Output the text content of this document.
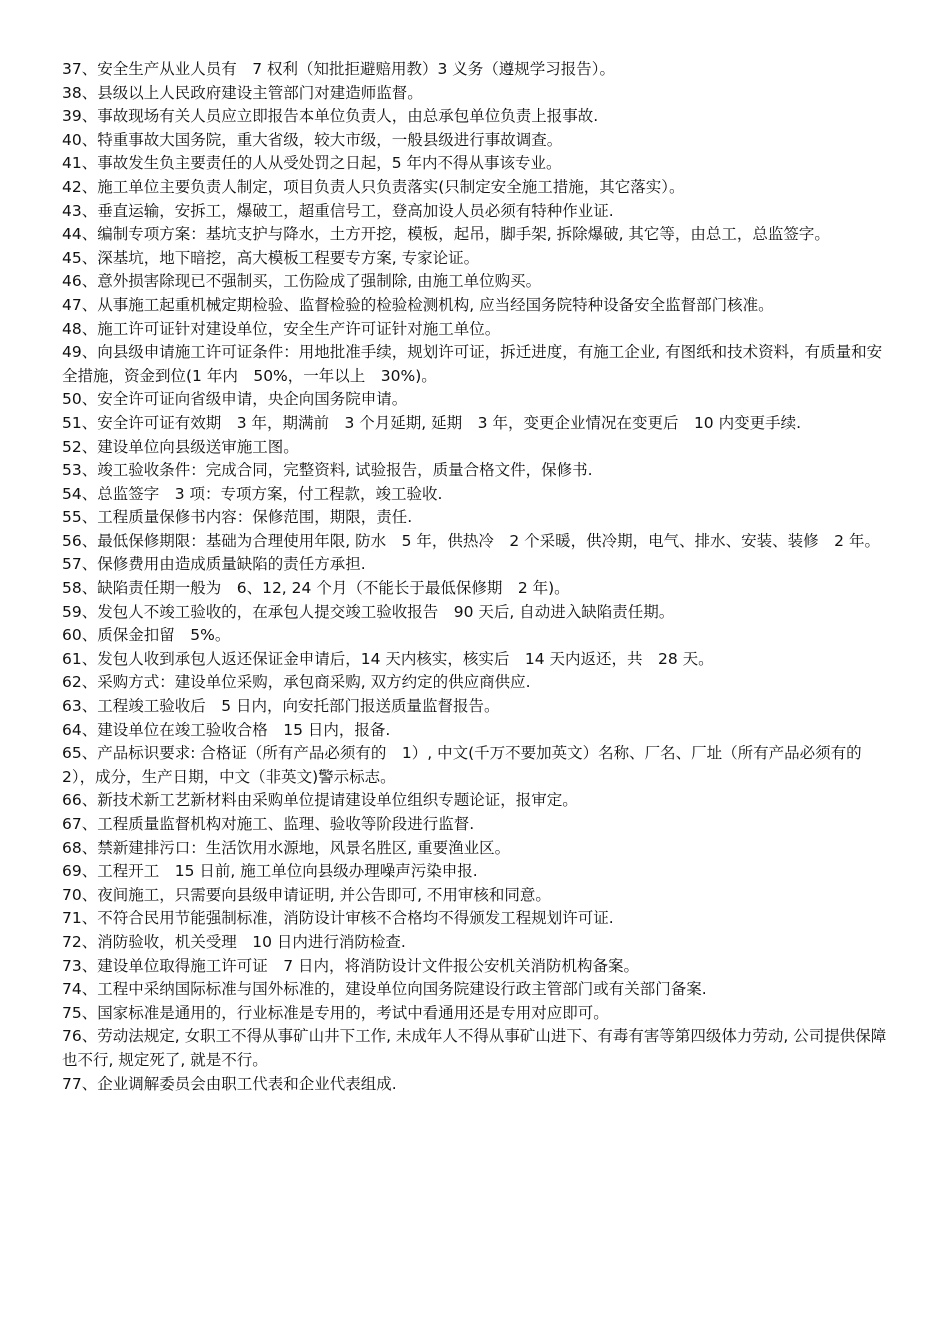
37、安全生产从业人员有　7 权利（知批拒避赔用教）3 义务（遵规学习报告）。

38、县级以上人民政府建设主管部门对建造师监督。

39、事故现场有关人员应立即报告本单位负责人，由总承包单位负责上报事故.

40、特重事故大国务院，重大省级，较大市级，一般县级进行事故调查。

41、事故发生负主要责任的人从受处罚之日起，5 年内不得从事该专业。

42、施工单位主要负责人制定，项目负责人只负责落实(只制定安全施工措施，其它落实）。

43、垂直运输，安拆工，爆破工，超重信号工，登高加设人员必须有特种作业证.

44、编制专项方案：基坑支护与降水，土方开挖，模板，起吊，脚手架, 拆除爆破, 其它等，由总工，总监签字。

45、深基坑，地下暗挖，高大模板工程要专方案, 专家论证。

46、意外损害除现已不强制买，工伤险成了强制除, 由施工单位购买。

47、从事施工起重机械定期检验、监督检验的检验检测机构, 应当经国务院特种设备安全监督部门核准。

48、施工许可证针对建设单位，安全生产许可证针对施工单位。

49、向县级申请施工许可证条件：用地批准手续，规划许可证，拆迁进度，有施工企业, 有图纸和技术资料，有质量和安全措施，资金到位(1 年内　50%，一年以上　30%)。

50、安全许可证向省级申请，央企向国务院申请。

51、安全许可证有效期　3 年，期满前　3 个月延期, 延期　3 年，变更企业情况在变更后　10 内变更手续.

52、建设单位向县级送审施工图。

53、竣工验收条件：完成合同，完整资料, 试验报告，质量合格文件，保修书.

54、总监签字　3 项：专项方案，付工程款，竣工验收.

55、工程质量保修书内容：保修范围，期限，责任.

56、最低保修期限：基础为合理使用年限, 防水　5 年，供热冷　2 个采暖，供冷期，电气、排水、安装、装修　2 年。

57、保修费用由造成质量缺陷的责任方承担.

58、缺陷责任期一般为　6、12, 24 个月（不能长于最低保修期　2 年)。

59、发包人不竣工验收的，在承包人提交竣工验收报告　90 天后, 自动进入缺陷责任期。

60、质保金扣留　5%。

61、发包人收到承包人返还保证金申请后，14 天内核实，核实后　14 天内返还，共　28 天。

62、采购方式：建设单位采购，承包商采购, 双方约定的供应商供应.

63、工程竣工验收后　5 日内，向安托部门报送质量监督报告。

64、建设单位在竣工验收合格　15 日内，报备.

65、产品标识要求: 合格证（所有产品必须有的　1）, 中文(千万不要加英文）名称、厂名、厂址（所有产品必须有的　2），成分，生产日期，中文（非英文)警示标志。

66、新技术新工艺新材料由采购单位提请建设单位组织专题论证，报审定。

67、工程质量监督机构对施工、监理、验收等阶段进行监督.

68、禁新建排污口：生活饮用水源地，风景名胜区, 重要渔业区。

69、工程开工　15 日前, 施工单位向县级办理噪声污染申报.

70、夜间施工，只需要向县级申请证明, 并公告即可, 不用审核和同意。

71、不符合民用节能强制标准，消防设计审核不合格均不得颁发工程规划许可证.

72、消防验收，机关受理　10 日内进行消防检查.

73、建设单位取得施工许可证　7 日内，将消防设计文件报公安机关消防机构备案。

74、工程中采纳国际标准与国外标准的，建设单位向国务院建设行政主管部门或有关部门备案.

75、国家标准是通用的，行业标准是专用的，考试中看通用还是专用对应即可。

76、劳动法规定, 女职工不得从事矿山井下工作, 未成年人不得从事矿山进下、有毒有害等第四级体力劳动, 公司提供保障也不行, 规定死了, 就是不行。

77、企业调解委员会由职工代表和企业代表组成.
